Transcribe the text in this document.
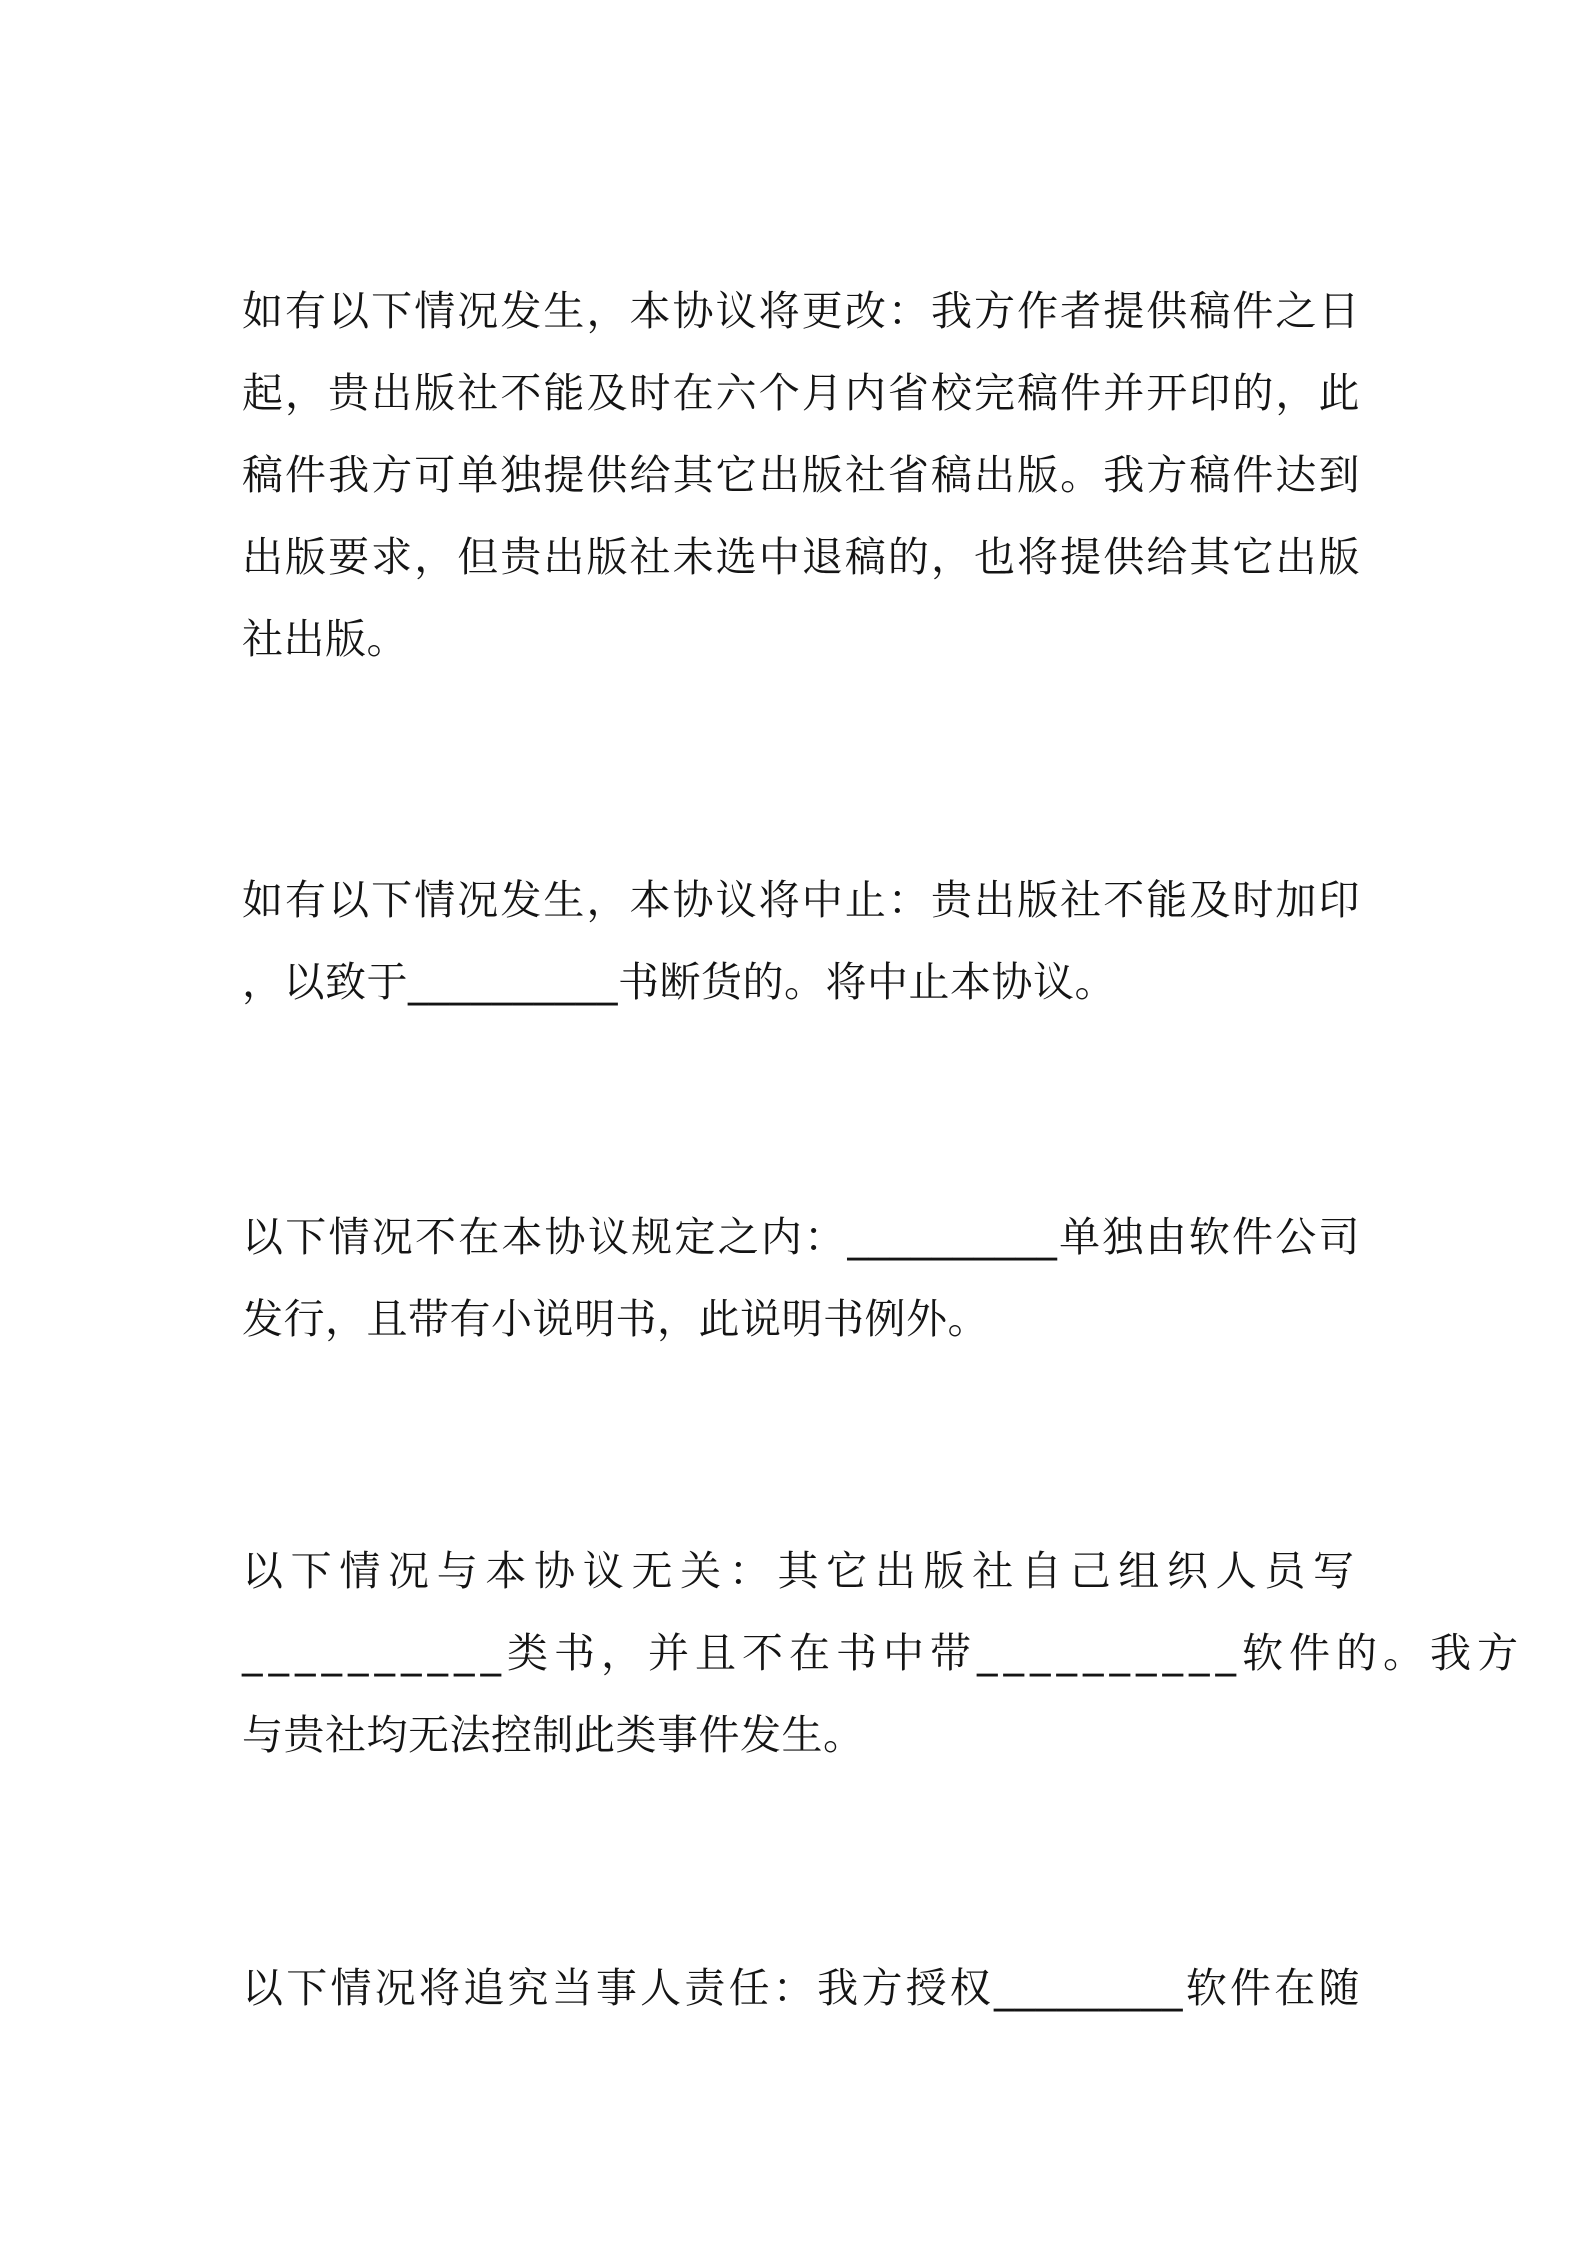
如有以下情况发生，本协议将更改：我方作者提供稿件之日
起，贵出版社不能及时在六个月内省校完稿件并开印的，此
稿件我方可单独提供给其它出版社省稿出版。我方稿件达到
出版要求，但贵出版社未选中退稿的，也将提供给其它出版
社出版。
如有以下情况发生，本协议将中止：贵出版社不能及时加印
，以致于__________书断货的。将中止本协议。
以下情况不在本协议规定之内：__________单独由软件公司
发行，且带有小说明书，此说明书例外。
以下情况与本协议无关：其它出版社自己组织人员写
__________类书，并且不在书中带__________软件的。我方
与贵社均无法控制此类事件发生。
以下情况将追究当事人责任：我方授权_________软件在随
